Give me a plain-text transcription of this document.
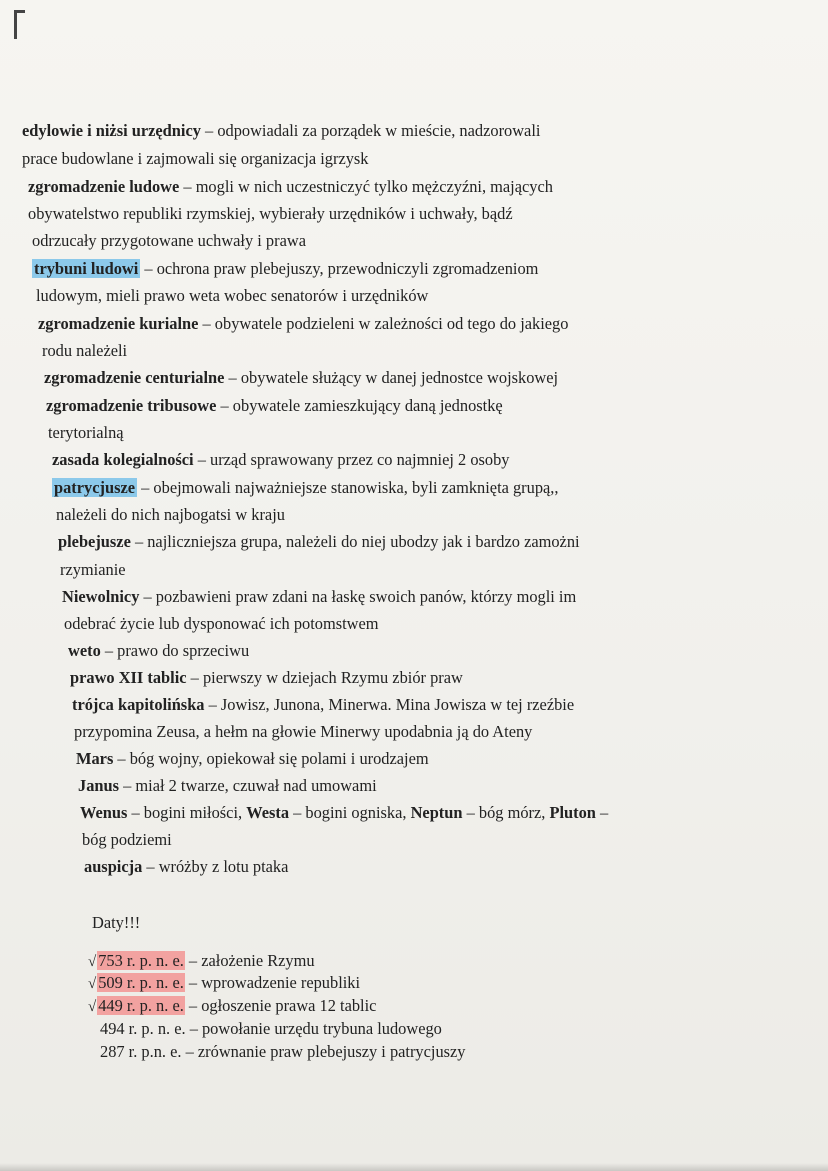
edylowie i niżsi urzędnicy – odpowiadali za porządek w mieście, nadzorowali
prace budowlane i zajmowali się organizacja igrzysk
zgromadzenie ludowe – mogli w nich uczestniczyć tylko mężczyźni, mających
obywatelstwo republiki rzymskiej, wybierały urzędników i uchwały, bądź
odrzucały przygotowane uchwały i prawa
trybuni ludowi – ochrona praw plebejuszy, przewodniczyli zgromadzeniom
ludowym, mieli prawo weta wobec senatorów i urzędników
zgromadzenie kurialne – obywatele podzieleni w zależności od tego do jakiego
rodu należeli
zgromadzenie centurialne – obywatele służący w danej jednostce wojskowej
zgromadzenie tribusowe – obywatele zamieszkujący daną jednostkę
terytorialną
zasada kolegialności – urząd sprawowany przez co najmniej 2 osoby
patrycjusze – obejmowali najważniejsze stanowiska, byli zamknięta grupą,,
należeli do nich najbogatsi w kraju
plebejusze – najliczniejsza grupa, należeli do niej ubodzy jak i bardzo zamożni
rzymianie
Niewolnicy – pozbawieni praw zdani na łaskę swoich panów, którzy mogli im
odebrać życie lub dysponować ich potomstwem
weto – prawo do sprzeciwu
prawo XII tablic – pierwszy w dziejach Rzymu zbiór praw
trójca kapitolińska – Jowisz, Junona, Minerwa. Mina Jowisza w tej rzeźbie
przypomina Zeusa, a hełm na głowie Minerwy upodabnia ją do Ateny
Mars – bóg wojny, opiekował się polami i urodzajem
Janus – miał 2 twarze, czuwał nad umowami
Wenus – bogini miłości, Westa – bogini ogniska, Neptun – bóg mórz, Pluton –
bóg podziemi
auspicja – wróżby z lotu ptaka
Daty!!!
√ 753 r. p. n. e. – założenie Rzymu
√ 509 r. p. n. e. – wprowadzenie republiki
√ 449 r. p. n. e. – ogłoszenie prawa 12 tablic
494 r. p. n. e. – powołanie urzędu trybuna ludowego
287 r. p.n. e. – zrównanie praw plebejuszy i patrycjuszy
